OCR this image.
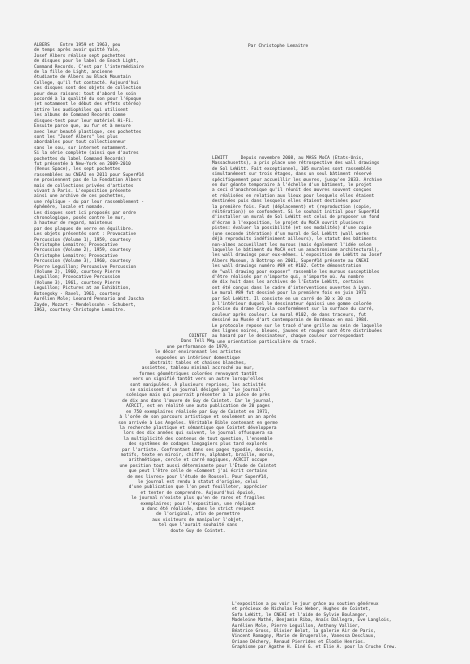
Par Christophe Lemaitre

ALBERS    Entre 1959 et 1963, peu
de temps après avoir quitté Yale,
Josef Albers réalise sept pochettes
de disques pour le label de Enoch Light,
Command Records. C'est par l'intermédiaire
de la fille de Light, ancienne
étudiante de Albers au Black Mountain
College, qu'il fut contacté. Aujourd'hui
ces disques sont des objets de collection
pour deux raisons: tout d'abord le soin
accordé à la qualité du son pour l'époque
(et notamment le début des effets stéréo)
attire les audiophiles qui utilisent
les albums de Command Records comme
disques-test pour leur matériel Hi-Fi.
Ensuite parce que, au fur et à mesure
avec leur beauté plastique, ces pochettes
sont les "Josef Albers" les plus
abordables pour tout collectionneur
sans le sou, sur internet notamment.
Si la série complète (ainsi que d'autres
pochettes du label Command Records)
fut présentée à New-York en 2009-2010
(Venus Space), les sept pochettes
rassemblées au CNEAI en 2011 pour Super#14
ne proviennent pas de la Fondation Albers
mais de collections privées d'artistes
vivant à Paris. L'exposition présente
ainsi une archive de ces pochettes,
une réplique - du par leur rassemblement -
éphémère, locale et nomade.
Les disques sont ici proposés par ordre
chronologique, posés contre le mur,
à hauteur de regard, maintenus
par des plaques de verre en équilibre.
Les objets présentés sont : Provocative
Percussion (Volume 1), 1959, courtesy
Christophe Lemaitre; Provocative
Percussion (Volume 2), 1959, courtesy
Christophe Lemaitre; Provocative
Percussion (Volume 3), 1960, courtesy
Pierre Leguillon; Persuasive Percussion
(Volume 2), 1960, courtesy Pierre
Leguillon; Provocative Percussion
(Volume 3), 1961, courtesy Pierre
Leguillon; Pictures at an Exhibition,
Botsegsky - Ravel, 1961, courtesy
Aurélien Mole; Leonard Pennario and Jascha
Zayde, Mozart - Mendelssohn - Schubert,
1963, courtesy Christophe Lemaitre.
LEWITT     Depuis novembre 2008, au MASS MoCA (Etats-Unis,
Massachusetts), a pris place une rétrospective des wall drawings
de Sol LeWitt. Fait exceptionnel, 105 murales sont rassemblés
simultanément sur trois étages, dans un seul bâtiment réservé
spécifiquement pour accueillir les œuvres, jusqu'en 2033. Archive
en dur géante temporaire à l'échelle d'un bâtiment, le projet
a ceci d'anachronique qu'il réunit des œuvres souvent conçues
et réalisées en relation aux lieux pour lesquels elles étaient
destinées puis dans lesquels elles étaient destinées pour
la première fois. Faut (déplacement) et (reproduction (copie,
réitération)) se confondent. Si le souhait initial pour Super#14
d'installer un mural de Sol LeWitt est celui de proposer un fond
d'écran à l'exposition, le projet du MoCA ouvrit plusieurs
pistes: évaluer la possibilité (et ses modalités) d'une copie
(une seconde itération) d'un mural de Sol LeWitt (wall works
déjà reproduits indéfiniment ailleurs), le statut des bâtiments
non-almes accueillant les murous (mais également l'idée selon
laquelle le bâtiment du MoCA est un anachronisme architectural),
les wall drawings pour eux-mêmes. L'exposition de LeWitt au Josef
Albers Museum, à Bottrop en 2001, Super#14 présente au CNEAI
les wall drawings numéro #89 et #102. Cette démonstration
de "wall drawing pour exposer" rassemble les murous susceptibles
d'être réalisés par n'importe qui, n'importe où. Au nombre
de dix huit dans les archives de l'Estate LeWitt, certains
ont été conçus dans le cadre d'interventions ouvertes à Lyon.
Le mural #89 fut dessiné pour la première fois en juin 1971
par Sol LeWitt. Il consiste en un carré de 30 x 30 cm
à l'intérieur duquel le dessinateur épaissi une gomme colorée
précise du drame Crayola conformément sur la surface du carré,
couleur après couleur. Le mural #102, de dans traceurs, fut
dessiné au Musée d'art contemporain de Bordeaux en mai 1984.
Le protocole repose sur le tracé d'une grille au sein de laquelle
des lignes noires, bleues, jaunes et rouges sont être distribuées
au hasard par le dessinateur, chaque couleur correspondant
à une orientation particulière du tracé.
COINTET
Dans Tell Me,
une performance de 1979,
le décor environnant les artistes
exposées un intérieur domestique
abstrait: tables et chaises blanches,
assiettes, tableau minimal accroché au mur,
formes géométriques colorées renvoyant tantôt
vers un signifié tantôt vers un autre lorsqu'elles
sont manipulées. À plusieurs reprises, les activités
se saisissent d'un journal désigné par "Le journal".
scénique mais qui pourrait présenter à la pièce de près
de dix ans dans l'œuvre de Guy de Cointet. Car le journal,
ACRCIT, est en réalité une auto publication de 20 pages
en 750 exemplaires réalisée par Guy de Cointet en 1971,
à l'orée de son parcours artistique et seulement un an après
son arrivée à Los Angeles. Véritable Bible contenant en germe
la recherche plastique et sémantique que Cointet développera
lors des dix années qui suivent, le journal offusquera sa
la multiplicité des contenus de tout question, l'ensemble
des systèmes de codages langagiers plus tard explorés
par l'artiste. Confrontant dans ses pages typodie, dessin,
motifs, texte en miroir, chiffre, alphabet, braille, morse,
arithmétique, cercle et carré magiques, ACRCIT occupe
une position tout aussi déterminante pour l'Étude de Cointet
que peut l'être celle de «Comment j'ai écrit certains
de mes livres» pour l'étude de Roussel. Pour Super#14,
le journal est rendu à statut d'origine, celui
d'une publication que l'on peut feuilleter, apprécier
et tenter de comprendre. Aujourd'hui épuisé,
le journal n'existe plus qu'en de rares et fragiles
exemplaires; pour l'exposition, une réplique
a donc été réalisée, dans le strict respect
de l'original, afin de permettre
aux visiteurs de manipuler l'objet,
tel que l'aurait souhaité sans
doute Guy de Cointet.
L'exposition a pu voir le jour grâce au soutien généreux
et précieux de Nicholas Fox Weber, Hughes de Cointet,
Sofa LeWitt, le CNEAI et l'aide de Sylvie Boulanger,
Madeleine Mathé, Benjamin Riba, Anaïs Dallegra, Eve Langlois,
Aurélien Mole, Pierre Leguillon, Anthony Vallier,
Béatrice Gross, Olivier Belot, la galerie Air de Paris,
Vincent Romagny, Marie de Brugerolle, Vanessa Desclaux,
Oriane Déchery, Renaud Pierrides et Élodie Henrios.
Graphisme par Agathe H. Einé G. et Élie A. pour la Cruche Crew.
